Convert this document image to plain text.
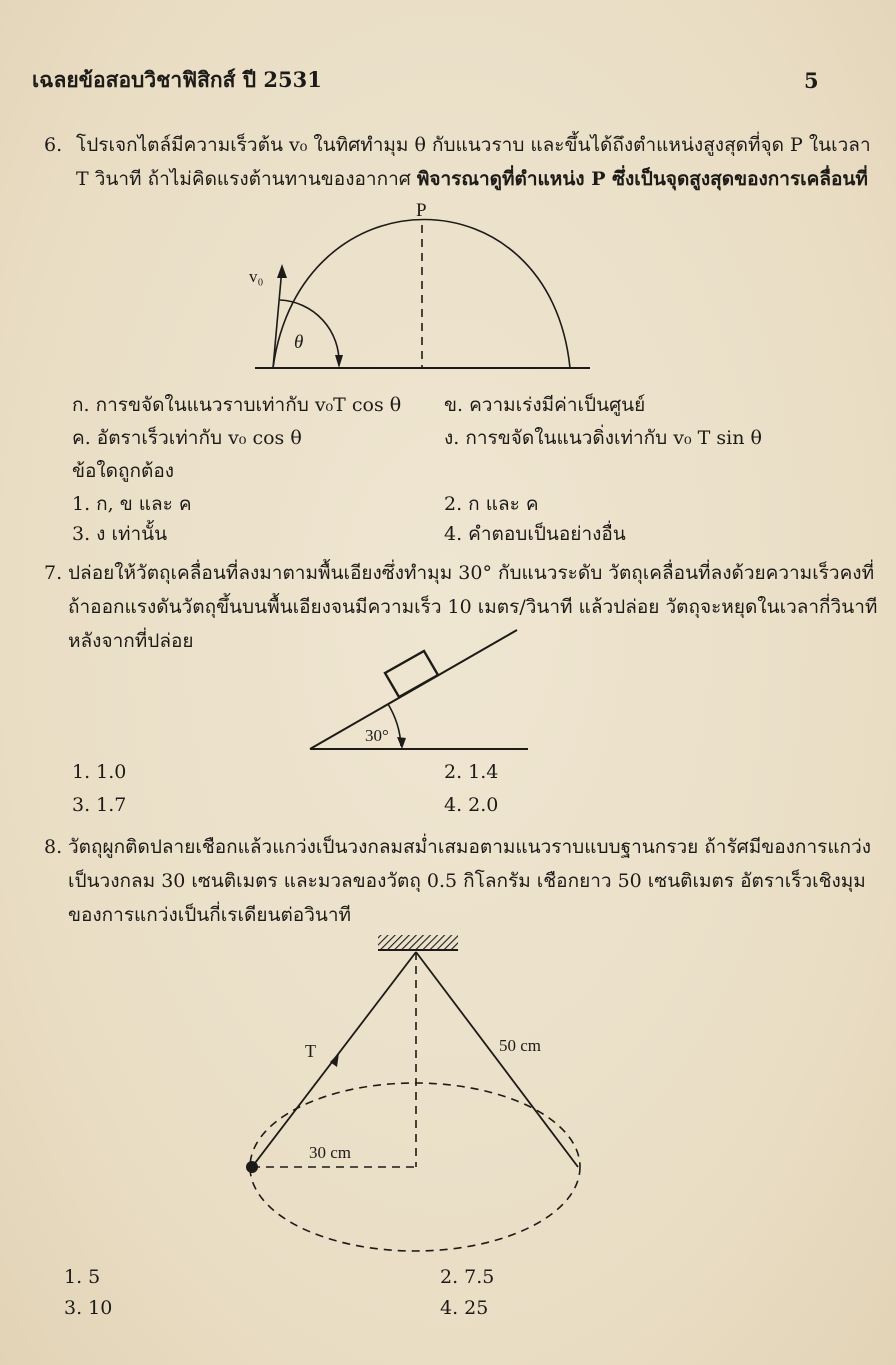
เฉลยข้อสอบวิชาฟิสิกส์ ปี 2531	5
6. โปรเจกไตล์มีความเร็วต้น v₀ ในทิศทำมุม θ กับแนวราบ และขึ้นได้ถึงตำแหน่งสูงสุดที่จุด P ในเวลา
T วินาที ถ้าไม่คิดแรงต้านทานของอากาศ พิจารณาดูที่ตำแหน่ง P ซึ่งเป็นจุดสูงสุดของการเคลื่อนที่
P
v₀
θ
ก. การขจัดในแนวราบเท่ากับ v₀T cos θ ข. ความเร่งมีค่าเป็นศูนย์
ค. อัตราเร็วเท่ากับ v₀ cos θ	ง. การขจัดในแนวดิ่งเท่ากับ v₀ T sin θ
ข้อใดถูกต้อง
1. ก, ข และ ค	2. ก และ ค
3. ง เท่านั้น	4. คำตอบเป็นอย่างอื่น
7. ปล่อยให้วัตถุเคลื่อนที่ลงมาตามพื้นเอียงซึ่งทำมุม 30° กับแนวระดับ วัตถุเคลื่อนที่ลงด้วยความเร็วคงที่
ถ้าออกแรงดันวัตถุขึ้นบนพื้นเอียงจนมีความเร็ว 10 เมตร/วินาที แล้วปล่อย วัตถุจะหยุดในเวลากี่วินาที
หลังจากที่ปล่อย
30°
1. 1.0	2. 1.4
3. 1.7	4. 2.0
8. วัตถุผูกติดปลายเชือกแล้วแกว่งเป็นวงกลมสม่ำเสมอตามแนวราบแบบฐานกรวย ถ้ารัศมีของการแกว่ง
เป็นวงกลม 30 เซนติเมตร และมวลของวัตถุ 0.5 กิโลกรัม เชือกยาว 50 เซนติเมตร อัตราเร็วเชิงมุม
ของการแกว่งเป็นกี่เรเดียนต่อวินาที
T	50 cm
30 cm
1. 5	2. 7.5
3. 10	4. 25
